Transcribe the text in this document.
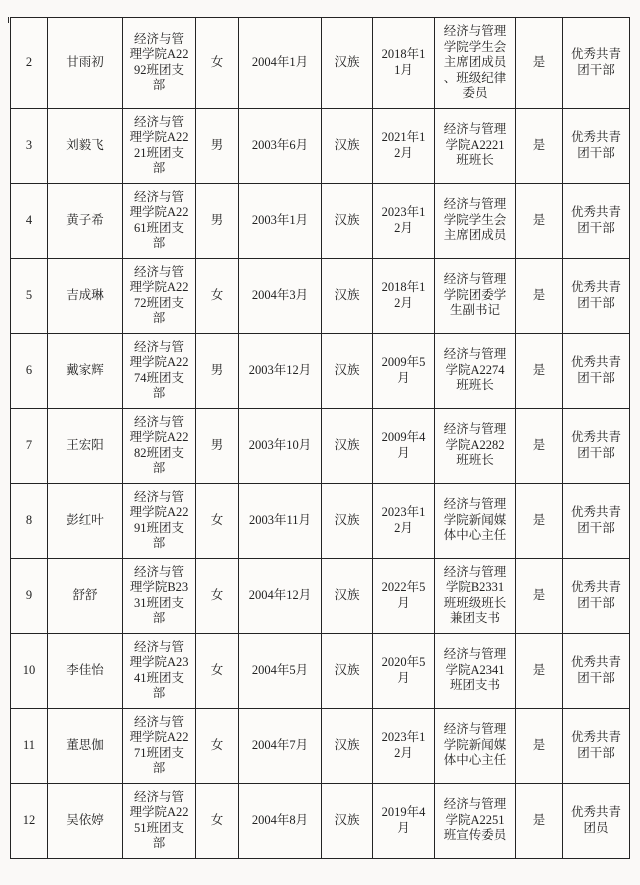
2	甘雨初	经济与管理学院A2292班团支部	女	2004年1月	汉族	2018年11月	经济与管理学院学生会主席团成员、班级纪律委员	是	优秀共青团干部
3	刘毅飞	经济与管理学院A2221班团支部	男	2003年6月	汉族	2021年12月	经济与管理学院A2221班班长	是	优秀共青团干部
4	黄子希	经济与管理学院A2261班团支部	男	2003年1月	汉族	2023年12月	经济与管理学院学生会主席团成员	是	优秀共青团干部
5	吉成琳	经济与管理学院A2272班团支部	女	2004年3月	汉族	2018年12月	经济与管理学院团委学生副书记	是	优秀共青团干部
6	戴家辉	经济与管理学院A2274班团支部	男	2003年12月	汉族	2009年5月	经济与管理学院A2274班班长	是	优秀共青团干部
7	王宏阳	经济与管理学院A2282班团支部	男	2003年10月	汉族	2009年4月	经济与管理学院A2282班班长	是	优秀共青团干部
8	彭红叶	经济与管理学院A2291班团支部	女	2003年11月	汉族	2023年12月	经济与管理学院新闻媒体中心主任	是	优秀共青团干部
9	舒舒	经济与管理学院B2331班团支部	女	2004年12月	汉族	2022年5月	经济与管理学院B2331班班级班长兼团支书	是	优秀共青团干部
10	李佳怡	经济与管理学院A2341班团支部	女	2004年5月	汉族	2020年5月	经济与管理学院A2341班团支书	是	优秀共青团干部
11	董思伽	经济与管理学院A2271班团支部	女	2004年7月	汉族	2023年12月	经济与管理学院新闻媒体中心主任	是	优秀共青团干部
12	吴依婷	经济与管理学院A2251班团支部	女	2004年8月	汉族	2019年4月	经济与管理学院A2251班宣传委员	是	优秀共青团员
